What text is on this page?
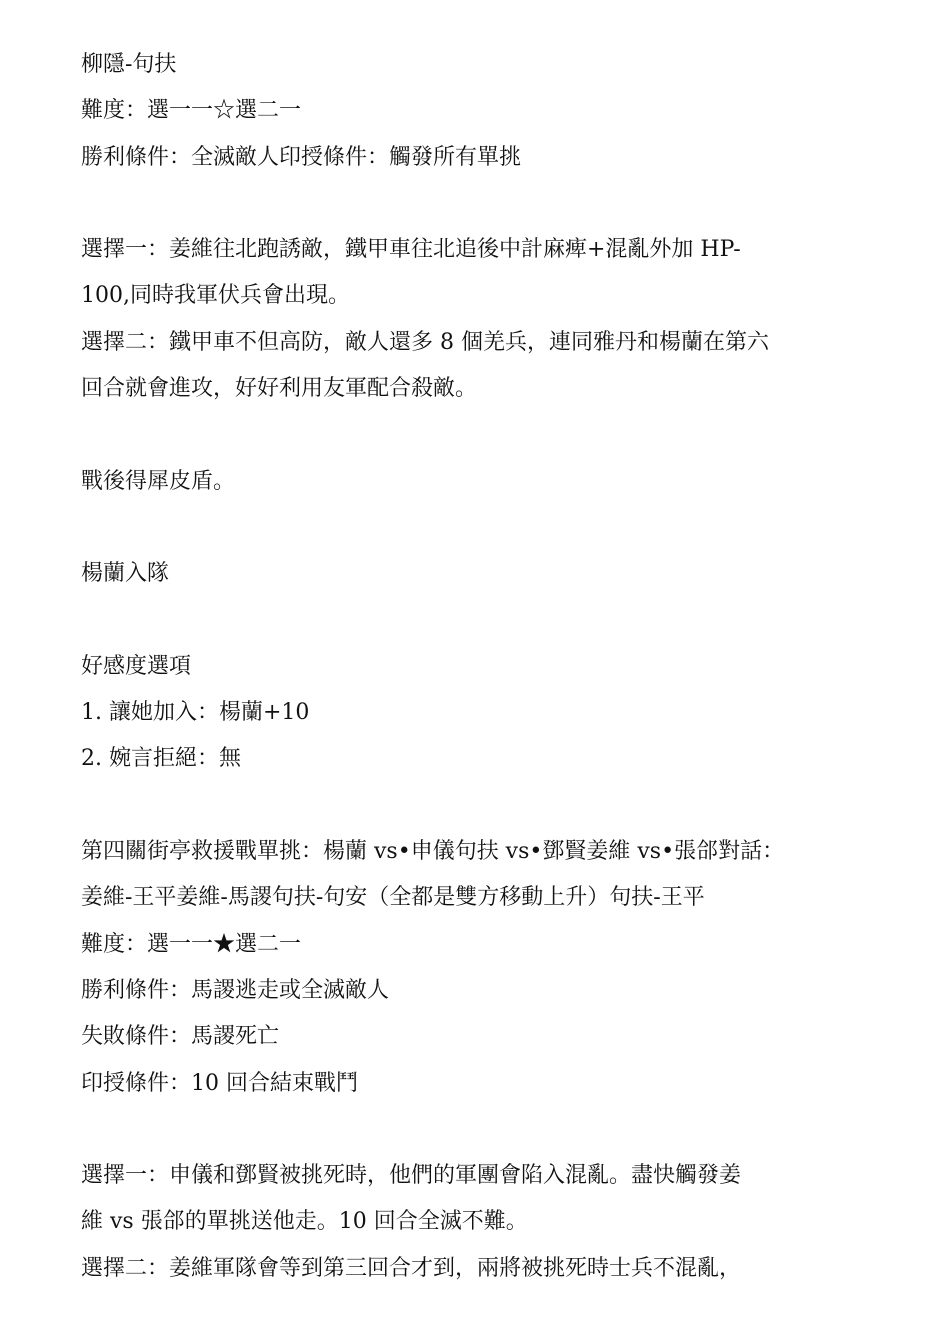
柳隱-句扶
難度：選一一☆選二一
勝利條件：全滅敵人印授條件：觸發所有單挑
選擇一：姜維往北跑誘敵，鐵甲車往北追後中計麻痺+混亂外加 HP-
100,同時我軍伏兵會出現。
選擇二：鐵甲車不但高防，敵人還多 8 個羌兵，連同雅丹和楊蘭在第六
回合就會進攻，好好利用友軍配合殺敵。
戰後得犀皮盾。
楊蘭入隊
好感度選項
1. 讓她加入：楊蘭+10
2. 婉言拒絕：無
第四關街亭救援戰單挑：楊蘭 vs•申儀句扶 vs•鄧賢姜維 vs•張郃對話：
姜維-王平姜維-馬謖句扶-句安（全都是雙方移動上升）句扶-王平
難度：選一一★選二一
勝利條件：馬謖逃走或全滅敵人
失敗條件：馬謖死亡
印授條件：10 回合結束戰鬥
選擇一：申儀和鄧賢被挑死時，他們的軍團會陷入混亂。盡快觸發姜
維 vs 張郃的單挑送他走。10 回合全滅不難。
選擇二：姜維軍隊會等到第三回合才到，兩將被挑死時士兵不混亂，
